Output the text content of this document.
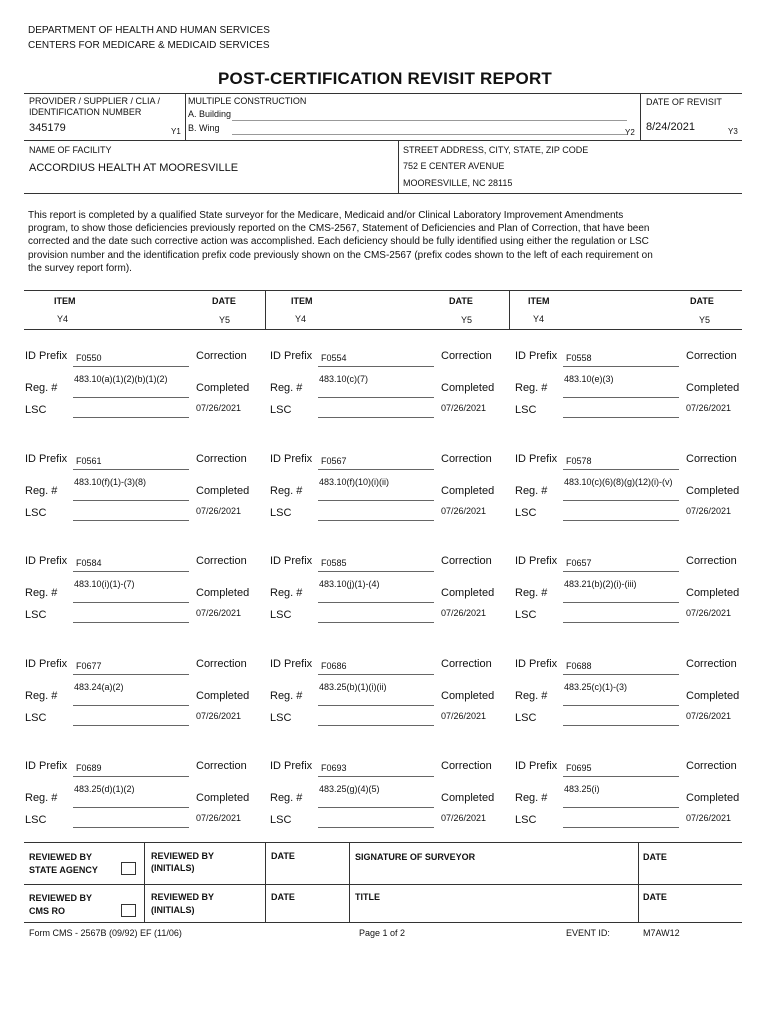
DEPARTMENT OF HEALTH AND HUMAN SERVICES
CENTERS FOR MEDICARE & MEDICAID SERVICES
POST-CERTIFICATION REVISIT REPORT
PROVIDER / SUPPLIER / CLIA /
IDENTIFICATION NUMBER
345179	Y1
MULTIPLE CONSTRUCTION
A. Building
B. Wing	Y2
DATE OF REVISIT
8/24/2021	Y3
NAME OF FACILITY
ACCORDIUS HEALTH AT MOORESVILLE
STREET ADDRESS, CITY, STATE, ZIP CODE
752 E CENTER AVENUE
MOORESVILLE, NC 28115
This report is completed by a qualified State surveyor for the Medicare, Medicaid and/or Clinical Laboratory Improvement Amendments
program, to show those deficiencies previously reported on the CMS-2567, Statement of Deficiencies and Plan of Correction, that have been
corrected and the date such corrective action was accomplished. Each deficiency should be fully identified using either the regulation or LSC
provision number and the identification prefix code previously shown on the CMS-2567 (prefix codes shown to the left of each requirement on
the survey report form).
ITEM	DATE
Y4	Y5
ITEM	DATE
Y4	Y5
ITEM	DATE
Y4	Y5
ID Prefix F0550	Correction
Reg. #
483.10(a)(1)(2)(b)(1)(2)
Completed
LSC	07/26/2021
ID Prefix F0554	Correction
Reg. #
483.10(c)(7)
Completed
LSC	07/26/2021
ID Prefix F0558	Correction
Reg. #
483.10(e)(3)
Completed
LSC	07/26/2021
ID Prefix F0561	Correction
Reg. #
483.10(f)(1)-(3)(8)
Completed
LSC	07/26/2021
ID Prefix F0567	Correction
Reg. #
483.10(f)(10)(i)(ii)
Completed
LSC	07/26/2021
ID Prefix F0578	Correction
Reg. #
483.10(c)(6)(8)(g)(12)(i)-(v)
Completed
LSC	07/26/2021
ID Prefix F0584	Correction
Reg. #
483.10(i)(1)-(7)
Completed
LSC	07/26/2021
ID Prefix F0585	Correction
Reg. #
483.10(j)(1)-(4)
Completed
LSC	07/26/2021
ID Prefix F0657	Correction
Reg. #
483.21(b)(2)(i)-(iii)
Completed
LSC	07/26/2021
ID Prefix F0677	Correction
Reg. #
483.24(a)(2)
Completed
LSC	07/26/2021
ID Prefix F0686	Correction
Reg. #
483.25(b)(1)(i)(ii)
Completed
LSC	07/26/2021
ID Prefix F0688	Correction
Reg. #
483.25(c)(1)-(3)
Completed
LSC	07/26/2021
ID Prefix F0689	Correction
Reg. #
483.25(d)(1)(2)
Completed
LSC	07/26/2021
ID Prefix F0693	Correction
Reg. #
483.25(g)(4)(5)
Completed
LSC	07/26/2021
ID Prefix F0695	Correction
Reg. #
483.25(i)
Completed
LSC	07/26/2021
REVIEWED BY
STATE AGENCY
REVIEWED BY
(INITIALS)
DATE	SIGNATURE OF SURVEYOR	DATE
REVIEWED BY
CMS RO
REVIEWED BY
(INITIALS)
DATE	TITLE	DATE
Form CMS - 2567B (09/92) EF (11/06)	Page 1 of 2	EVENT ID:	M7AW12
